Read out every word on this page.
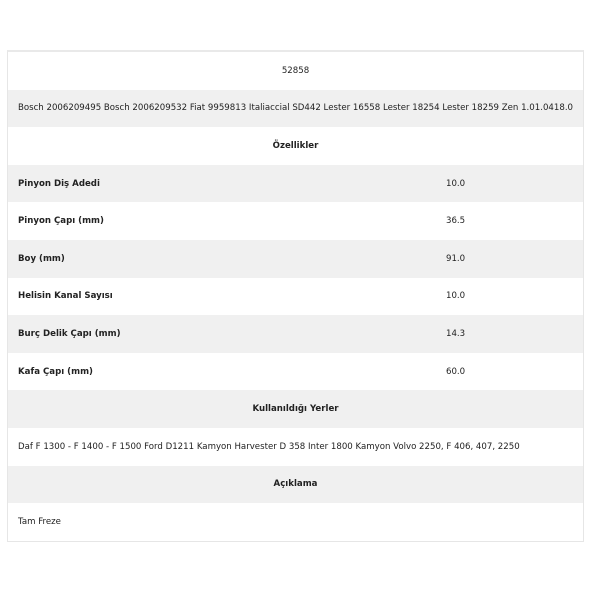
52858
Bosch 2006209495 Bosch 2006209532 Fiat 9959813 Italiaccial SD442 Lester 16558 Lester 18254 Lester 18259 Zen 1.01.0418.0
Özellikler
Pinyon Diş Adedi	10.0
Pinyon Çapı (mm)	36.5
Boy (mm)	91.0
Helisin Kanal Sayısı	10.0
Burç Delik Çapı (mm)	14.3
Kafa Çapı (mm)	60.0
Kullanıldığı Yerler
Daf F 1300 - F 1400 - F 1500 Ford D1211 Kamyon Harvester D 358 Inter 1800 Kamyon Volvo 2250, F 406, 407, 2250
Açıklama
Tam Freze
